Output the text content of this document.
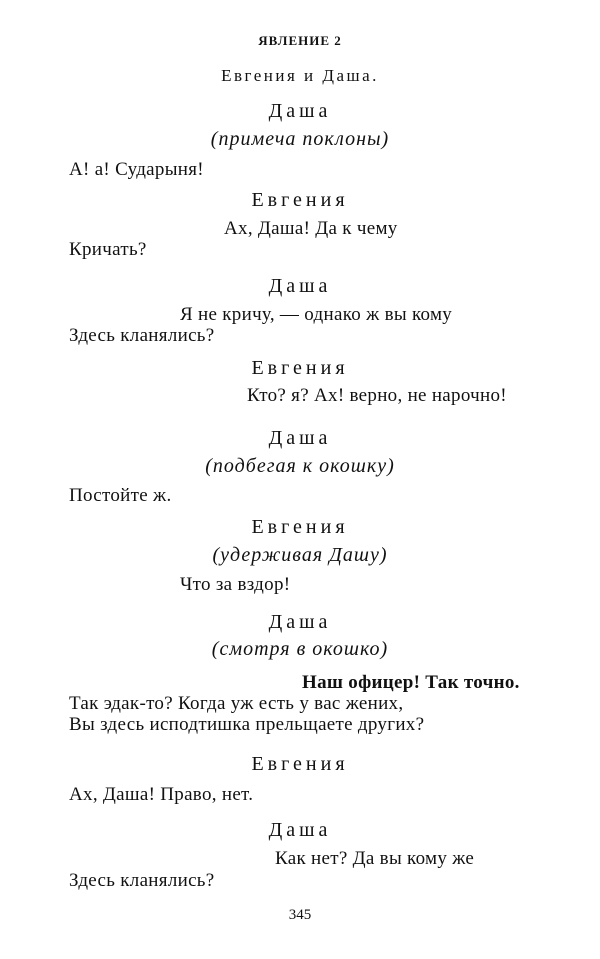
ЯВЛЕНИЕ 2
Евгения и Даша.
Даша
(примеча поклоны)
А! а! Сударыня!
Евгения
Ах, Даша! Да к чему
Кричать?
Даша
Я не кричу, — однако ж вы кому
Здесь кланялись?
Евгения
Кто? я? Ах! верно, не нарочно!
Даша
(подбегая к окошку)
Постойте ж.
Евгения
(удерживая Дашу)
Что за вздор!
Даша
(смотря в окошко)
Наш офицер! Так точно.
Так эдак-то? Когда уж есть у вас жених,
Вы здесь исподтишка прельщаете других?
Евгения
Ах, Даша! Право, нет.
Даша
Как нет? Да вы кому же
Здесь кланялись?
345
